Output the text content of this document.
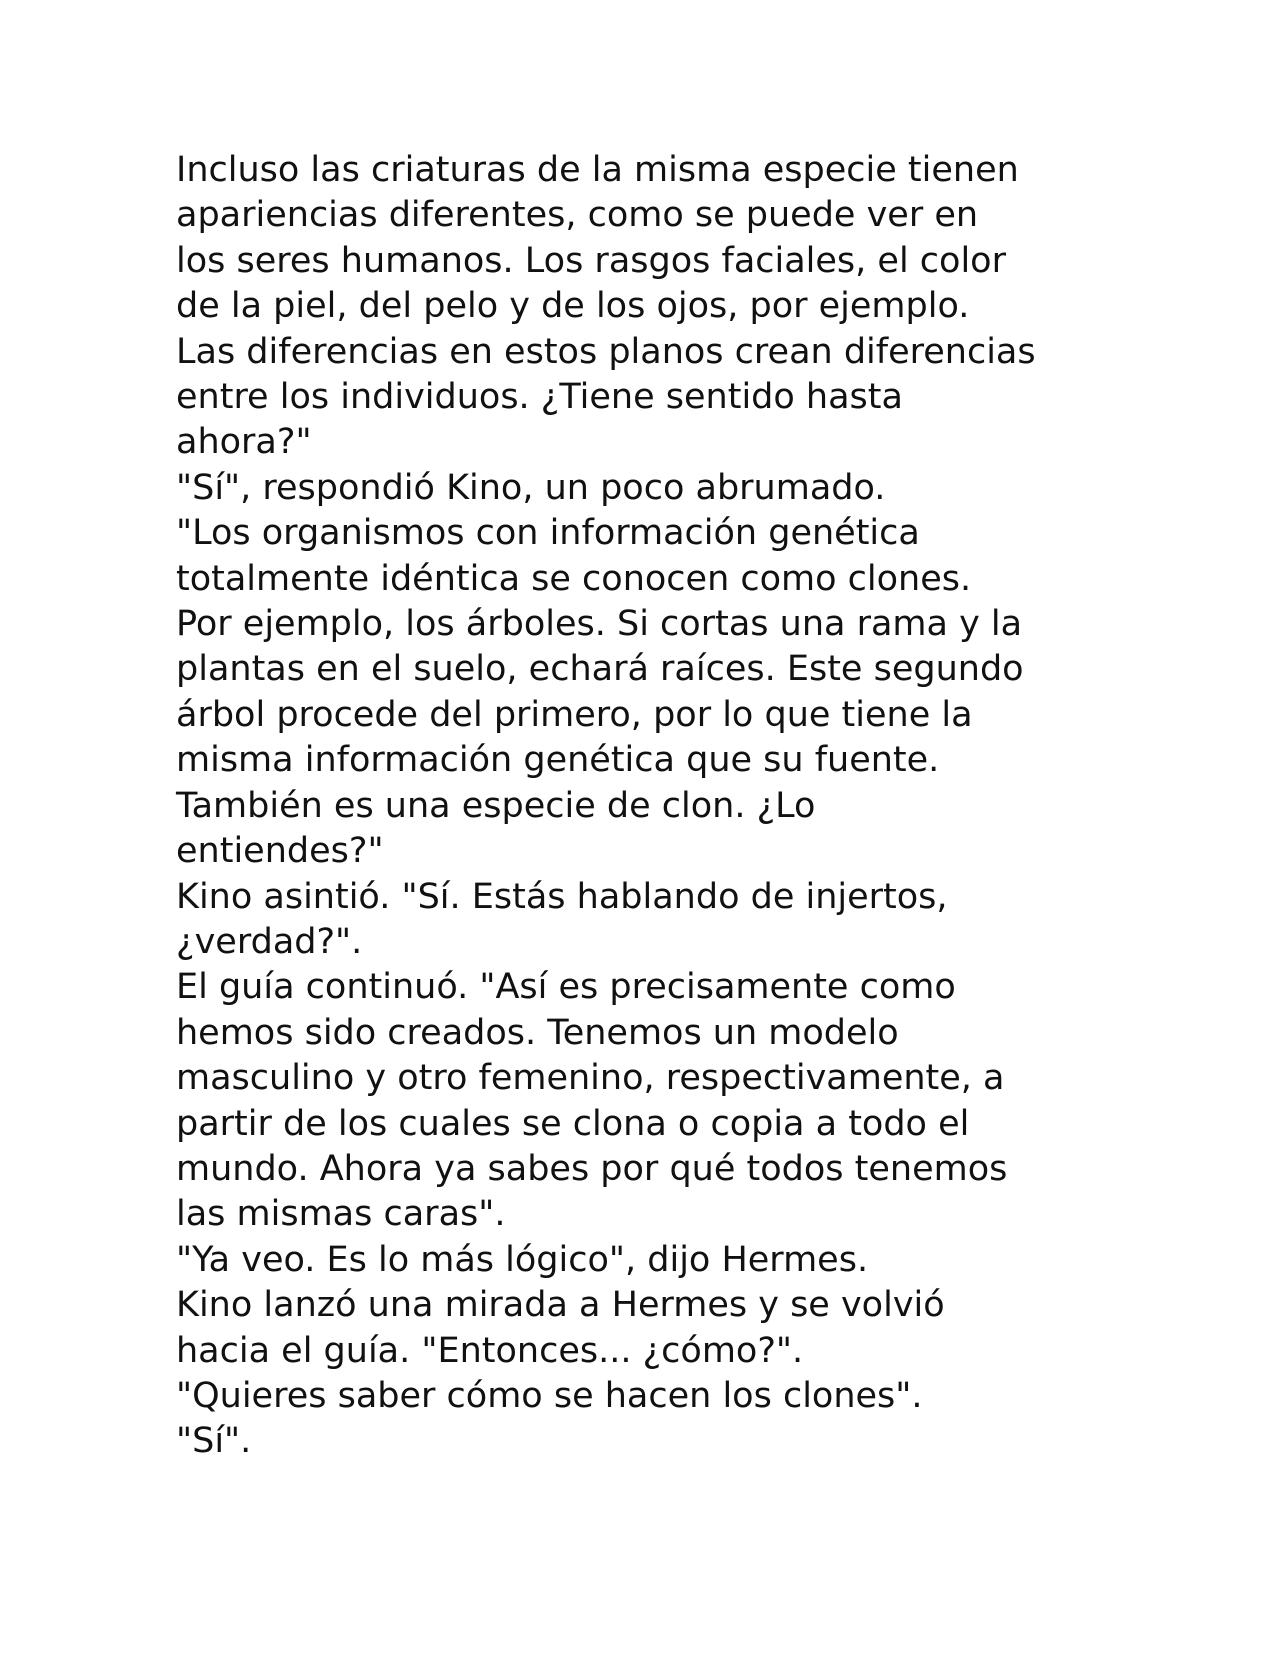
Incluso las criaturas de la misma especie tienen
apariencias diferentes, como se puede ver en
los seres humanos. Los rasgos faciales, el color
de la piel, del pelo y de los ojos, por ejemplo.
Las diferencias en estos planos crean diferencias
entre los individuos. ¿Tiene sentido hasta
ahora?"
"Sí", respondió Kino, un poco abrumado.
"Los organismos con información genética
totalmente idéntica se conocen como clones.
Por ejemplo, los árboles. Si cortas una rama y la
plantas en el suelo, echará raíces. Este segundo
árbol procede del primero, por lo que tiene la
misma información genética que su fuente.
También es una especie de clon. ¿Lo
entiendes?"
Kino asintió. "Sí. Estás hablando de injertos,
¿verdad?".
El guía continuó. "Así es precisamente como
hemos sido creados. Tenemos un modelo
masculino y otro femenino, respectivamente, a
partir de los cuales se clona o copia a todo el
mundo. Ahora ya sabes por qué todos tenemos
las mismas caras".
"Ya veo. Es lo más lógico", dijo Hermes.
Kino lanzó una mirada a Hermes y se volvió
hacia el guía. "Entonces... ¿cómo?".
"Quieres saber cómo se hacen los clones".
"Sí".
